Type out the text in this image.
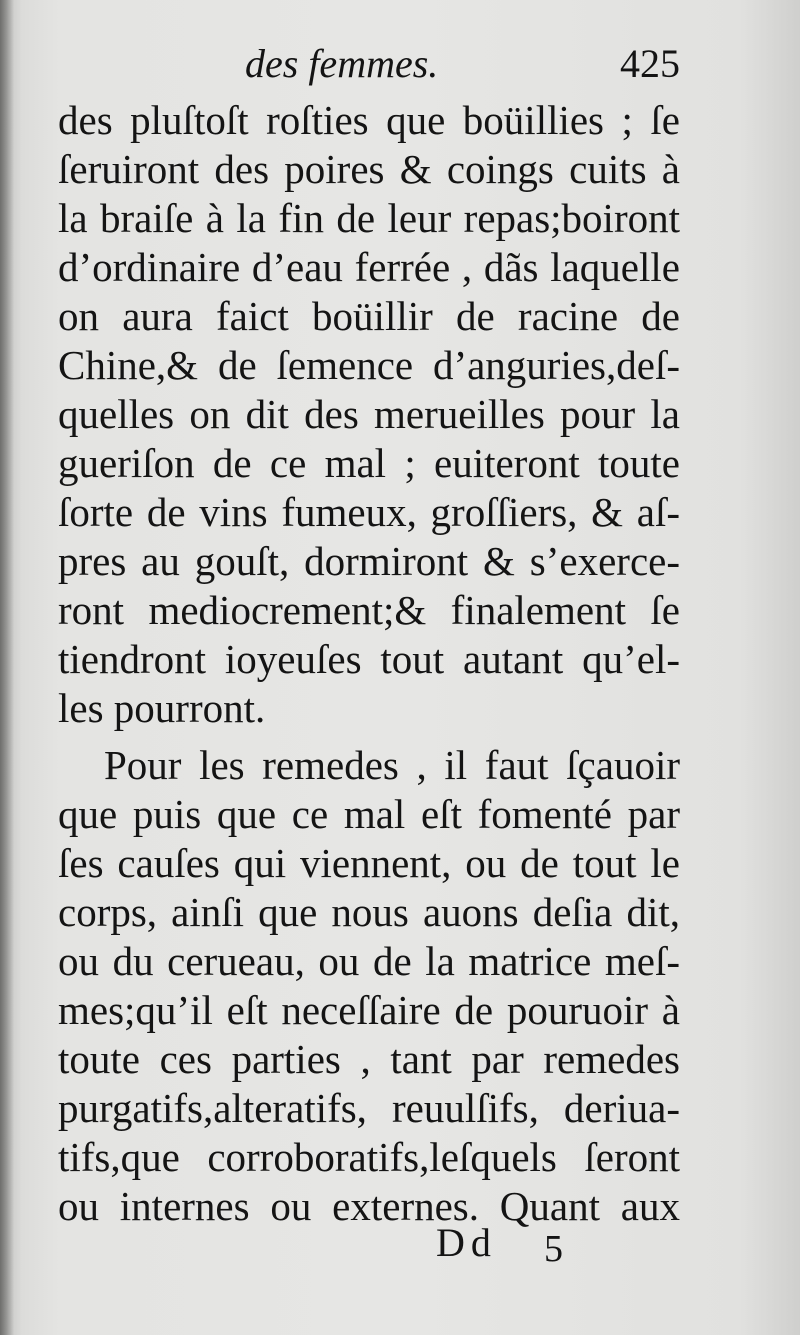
des femmes.	425
des pluſtoſt roſties que boüillies ; ſe
ſeruiront des poires & coings cuits à
la braiſe à la fin de leur repas;boiront
d’ordinaire d’eau ferrée , dãs laquelle
on aura faict boüillir de racine de
Chine,& de ſemence d’anguries,deſ-
quelles on dit des merueilles pour la
gueriſon de ce mal ; euiteront toute
ſorte de vins fumeux, groſſiers, & aſ-
pres au gouſt, dormiront & s’exerce-
ront mediocrement;& finalement ſe
tiendront ioyeuſes tout autant qu’el-
les pourront.
Pour les remedes , il faut ſçauoir
que puis que ce mal eſt fomenté par
ſes cauſes qui viennent, ou de tout le
corps, ainſi que nous auons deſia dit,
ou du cerueau, ou de la matrice meſ-
mes;qu’il eſt neceſſaire de pouruoir à
toute ces parties , tant par remedes
purgatifs,alteratifs, reuulſifs, deriua-
tifs,que corroboratifs,leſquels ſeront
ou internes ou externes. Quant aux
Dd 5
